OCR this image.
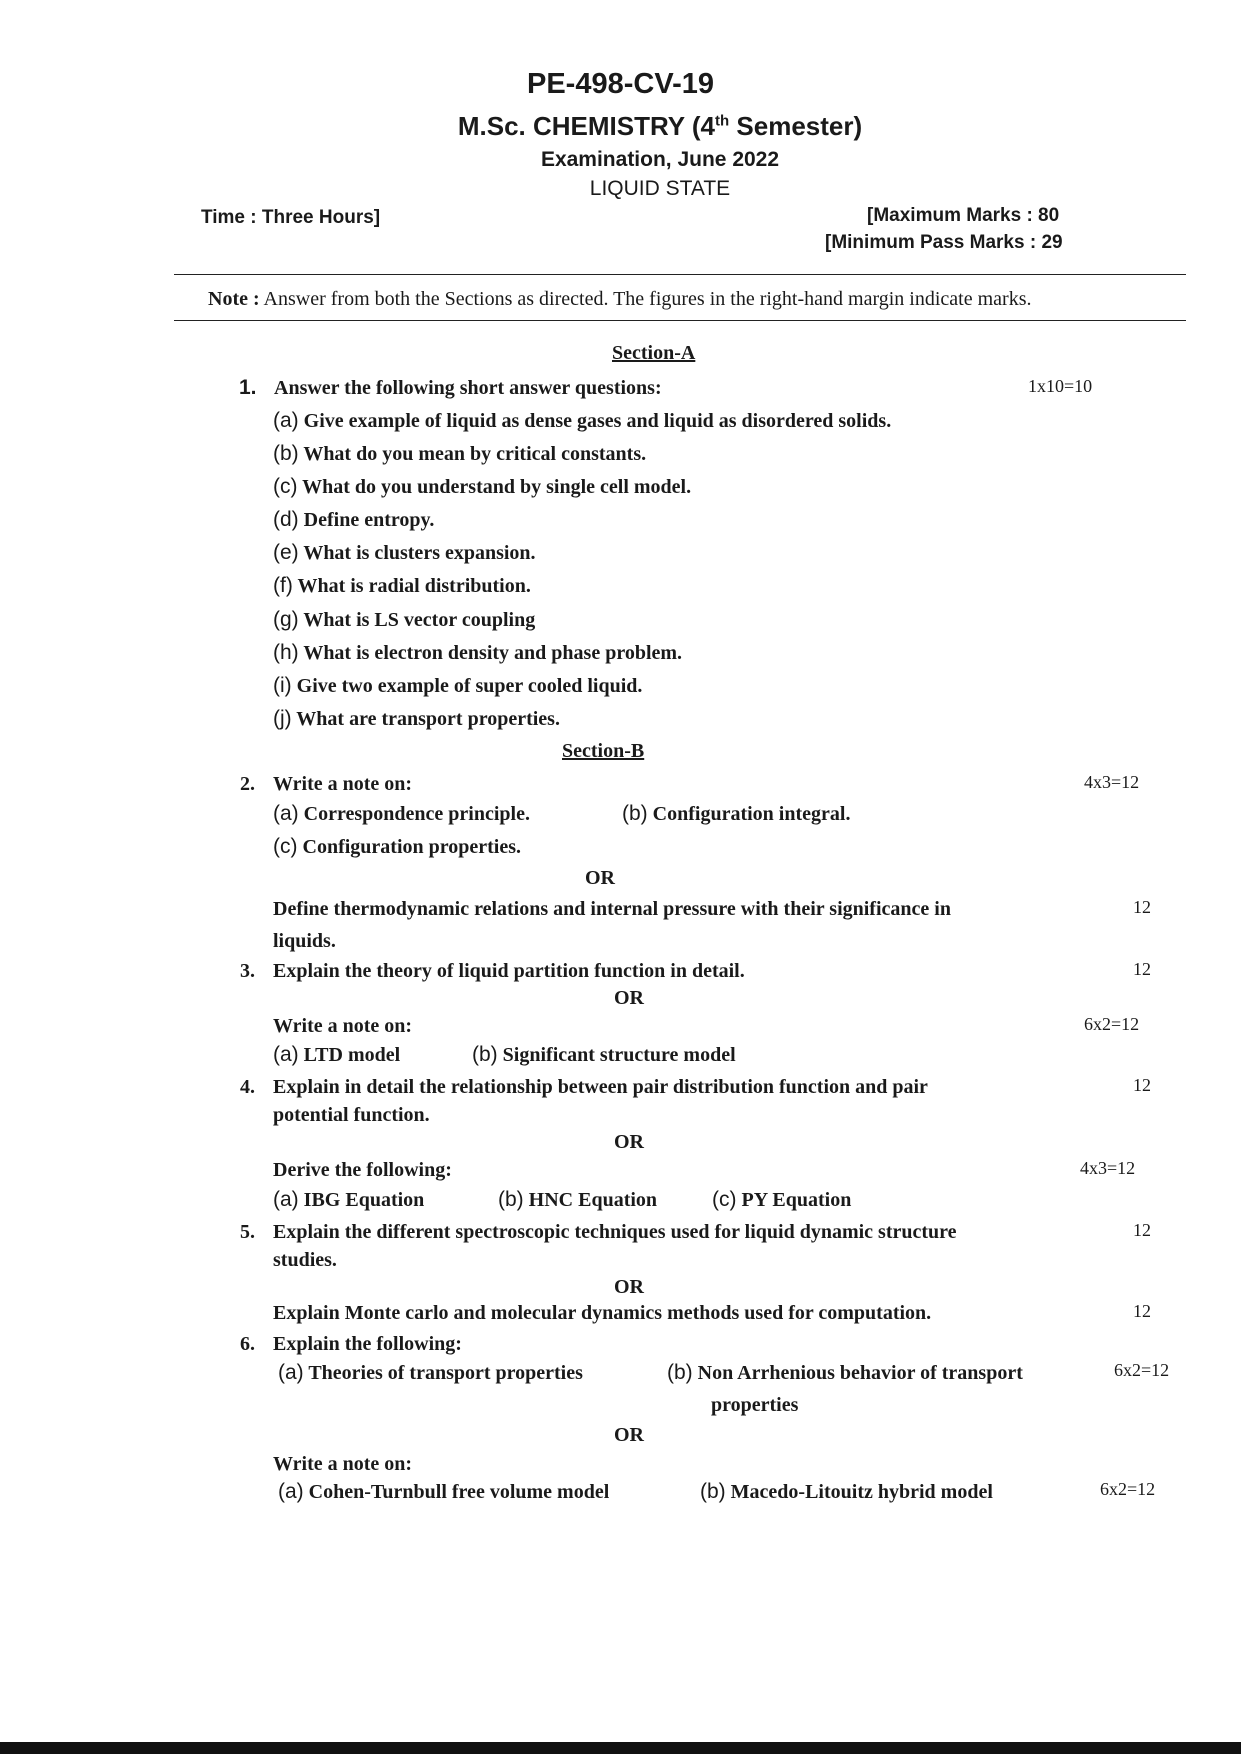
PE-498-CV-19
M.Sc. CHEMISTRY (4th Semester)
Examination, June 2022
LIQUID STATE
Time : Three Hours]	[Maximum Marks : 80
[Minimum Pass Marks : 29
Note : Answer from both the Sections as directed. The figures in the right-hand margin indicate marks.
Section-A
1. Answer the following short answer questions:	1x10=10
(a) Give example of liquid as dense gases and liquid as disordered solids.
(b) What do you mean by critical constants.
(c) What do you understand by single cell model.
(d) Define entropy.
(e) What is clusters expansion.
(f) What is radial distribution.
(g) What is LS vector coupling
(h) What is electron density and phase problem.
(i) Give two example of super cooled liquid.
(j) What are transport properties.
Section-B
2. Write a note on:	4x3=12
(a) Correspondence principle.	(b) Configuration integral.
(c) Configuration properties.
OR
Define thermodynamic relations and internal pressure with their significance in	12
liquids.
3. Explain the theory of liquid partition function in detail.	12
OR
Write a note on:	6x2=12
(a) LTD model	(b) Significant structure model
4. Explain in detail the relationship between pair distribution function and pair	12
potential function.
OR
Derive the following:	4x3=12
(a) IBG Equation	(b) HNC Equation	(c) PY Equation
5. Explain the different spectroscopic techniques used for liquid dynamic structure	12
studies.
OR
Explain Monte carlo and molecular dynamics methods used for computation.	12
6. Explain the following:
(a) Theories of transport properties	(b) Non Arrhenious behavior of transport	6x2=12
properties
OR
Write a note on:
(a) Cohen-Turnbull free volume model	(b) Macedo-Litouitz hybrid model	6x2=12
